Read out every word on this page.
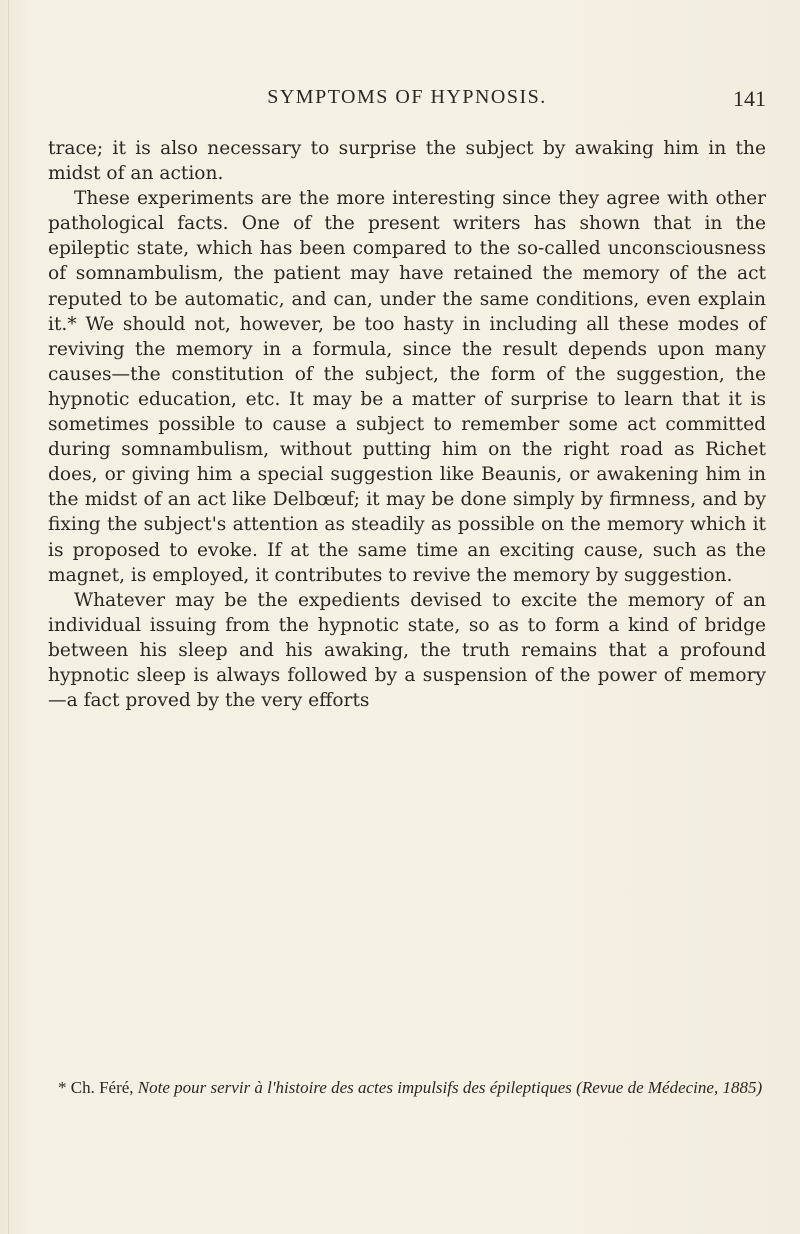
SYMPTOMS OF HYPNOSIS.	141

trace; it is also necessary to surprise the subject by awaking him in the midst of an action.

These experiments are the more interesting since they agree with other pathological facts. One of the present writers has shown that in the epileptic state, which has been compared to the so-called unconsciousness of somnambulism, the patient may have retained the memory of the act reputed to be automatic, and can, under the same conditions, even explain it.* We should not, however, be too hasty in including all these modes of reviving the memory in a formula, since the result depends upon many causes—the constitution of the subject, the form of the suggestion, the hypnotic education, etc. It may be a matter of surprise to learn that it is sometimes possible to cause a subject to remember some act committed during somnambulism, without putting him on the right road as Richet does, or giving him a special suggestion like Beaunis, or awakening him in the midst of an act like Delbœuf; it may be done simply by firmness, and by fixing the subject's attention as steadily as possible on the memory which it is proposed to evoke. If at the same time an exciting cause, such as the magnet, is employed, it contributes to revive the memory by suggestion.

Whatever may be the expedients devised to excite the memory of an individual issuing from the hypnotic state, so as to form a kind of bridge between his sleep and his awaking, the truth remains that a profound hypnotic sleep is always followed by a suspension of the power of memory—a fact proved by the very efforts

* Ch. Féré, Note pour servir à l'histoire des actes impulsifs des épileptiques (Revue de Médecine, 1885)
